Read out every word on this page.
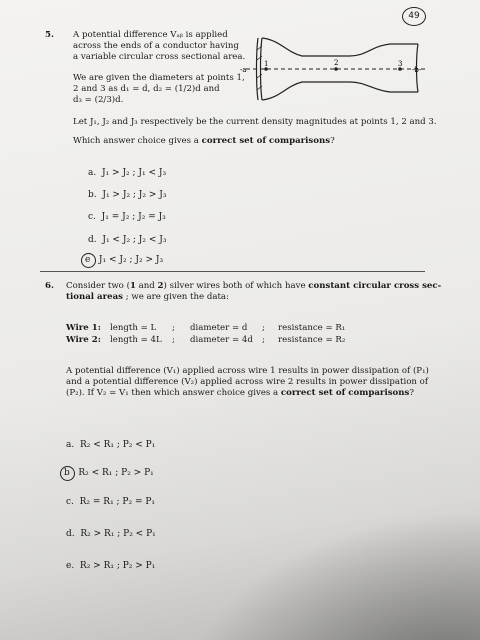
49
5. A potential difference Vₐᵦ is applied
across the ends of a conductor having
a variable circular cross sectional area.
We are given the diameters at points 1,
2 and 3 as d₁ = d, d₂ = (1/2)d and
d₃ = (2/3)d.
1	2	3
-a	-b-
Let J₁, J₂ and J₃ respectively be the current density magnitudes at points 1, 2 and 3.
Which answer choice gives a correct set of comparisons?
a. J₁ > J₂ ; J₁ < J₃
b. J₁ > J₂ ; J₂ > J₃
c. J₁ = J₂ ; J₂ = J₃
d. J₁ < J₂ ; J₂ < J₃
e J₁ < J₂ ; J₂ > J₃
6. Consider two (1 and 2) silver wires both of which have constant circular cross sec-
tional areas ; we are given the data:
Wire 1: length = L ; diameter = d ; resistance = R₁
Wire 2: length = 4L ; diameter = 4d ; resistance = R₂
A potential difference (V₁) applied across wire 1 results in power dissipation of (P₁)
and a potential difference (V₂) applied across wire 2 results in power dissipation of
(P₂). If V₂ = V₁ then which answer choice gives a correct set of comparisons?
a. R₂ < R₁ ; P₂ < P₁
b R₂ < R₁ ; P₂ > P₁
c. R₂ = R₁ ; P₂ = P₁
d. R₂ > R₁ ; P₂ < P₁
e. R₂ > R₁ ; P₂ > P₁
